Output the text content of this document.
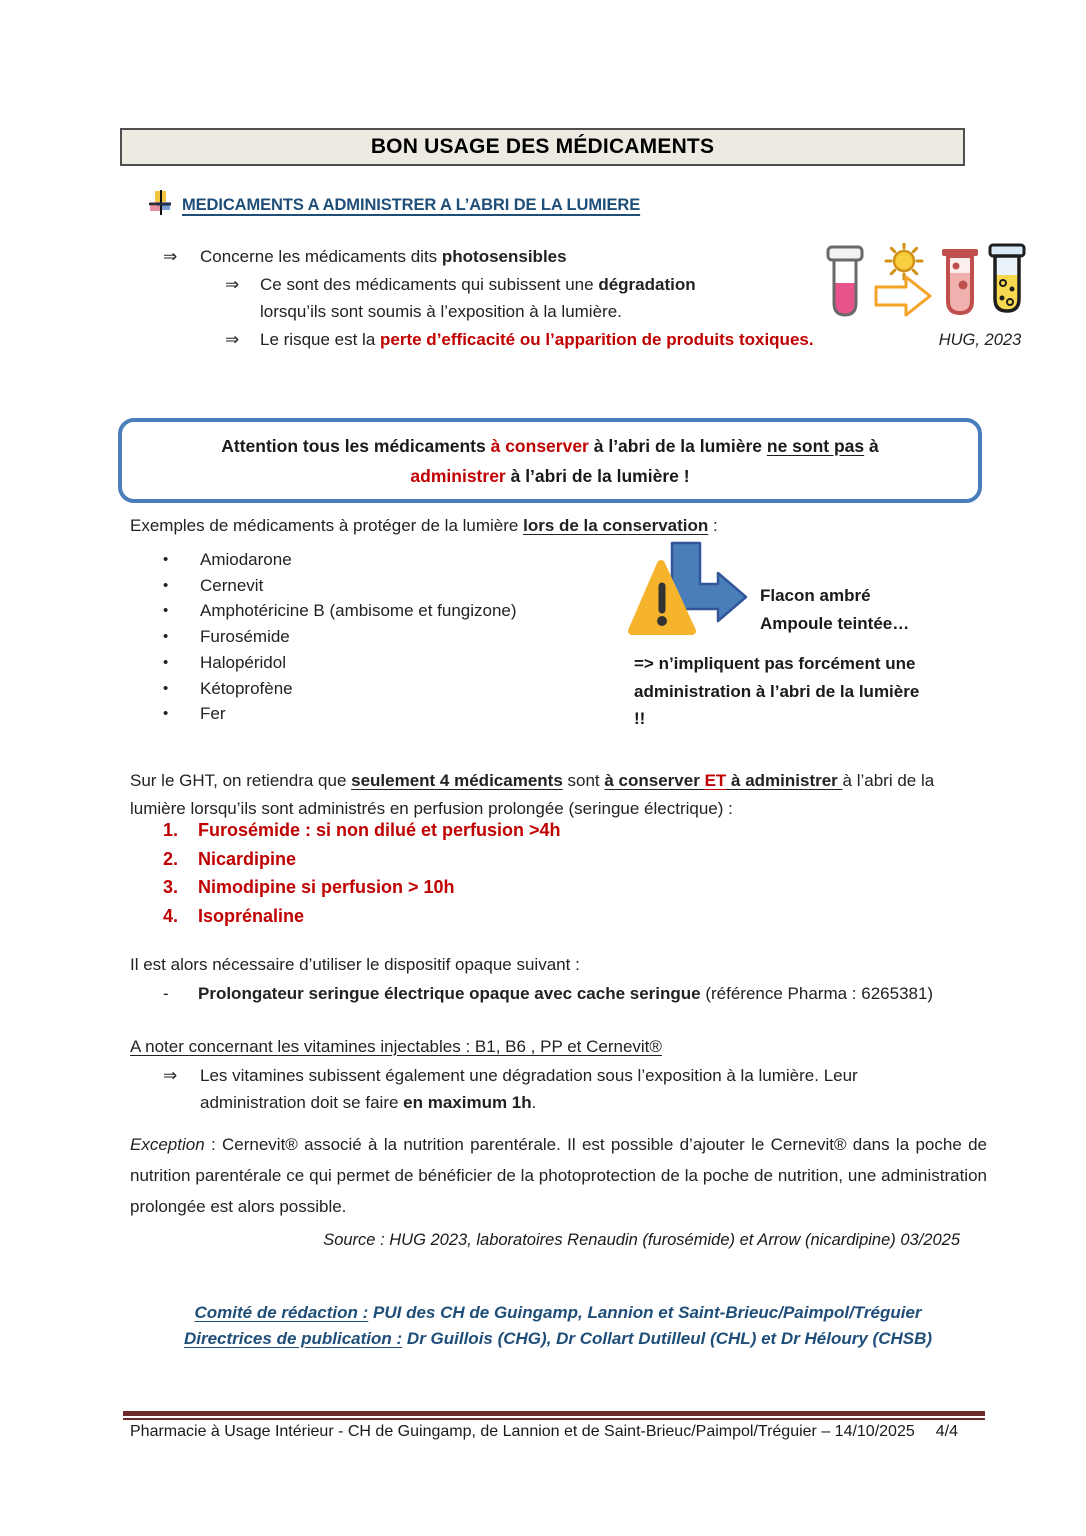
BON USAGE DES MÉDICAMENTS
MEDICAMENTS A ADMINISTRER A L’ABRI DE LA LUMIERE
⇒	Concerne les médicaments dits photosensibles
⇒	Ce sont des médicaments qui subissent une dégradation
lorsqu’ils sont soumis à l’exposition à la lumière.
⇒	Le risque est la perte d’efficacité ou l’apparition de produits toxiques.	HUG, 2023
Attention tous les médicaments à conserver à l’abri de la lumière ne sont pas à
administrer à l’abri de la lumière !
Exemples de médicaments à protéger de la lumière lors de la conservation :
•	Amiodarone
•	Cernevit
•	Amphotéricine B (ambisome et fungizone)
•	Furosémide
•	Halopéridol
•	Kétoprofène
•	Fer
Flacon ambré
Ampoule teintée…
=> n’impliquent pas forcément une administration à l’abri de la lumière !!
Sur le GHT, on retiendra que seulement 4 médicaments sont à conserver ET à administrer à l’abri de la lumière lorsqu’ils sont administrés en perfusion prolongée (seringue électrique) :
1.	Furosémide : si non dilué et perfusion >4h
2.	Nicardipine
3.	Nimodipine si perfusion > 10h
4.	Isoprénaline
Il est alors nécessaire d’utiliser le dispositif opaque suivant :
-	Prolongateur seringue électrique opaque avec cache seringue (référence Pharma : 6265381)
A noter concernant les vitamines injectables : B1, B6 , PP et Cernevit®
⇒	Les vitamines subissent également une dégradation sous l’exposition à la lumière. Leur administration doit se faire en maximum 1h.
Exception : Cernevit® associé à la nutrition parentérale. Il est possible d’ajouter le Cernevit® dans la poche de nutrition parentérale ce qui permet de bénéficier de la photoprotection de la poche de nutrition, une administration prolongée est alors possible.
Source : HUG 2023, laboratoires Renaudin (furosémide) et Arrow (nicardipine) 03/2025
Comité de rédaction : PUI des CH de Guingamp, Lannion et Saint-Brieuc/Paimpol/Tréguier
Directrices de publication : Dr Guillois (CHG), Dr Collart Dutilleul (CHL) et Dr Héloury (CHSB)
Pharmacie à Usage Intérieur - CH de Guingamp, de Lannion et de Saint-Brieuc/Paimpol/Tréguier – 14/10/2025 4/4
